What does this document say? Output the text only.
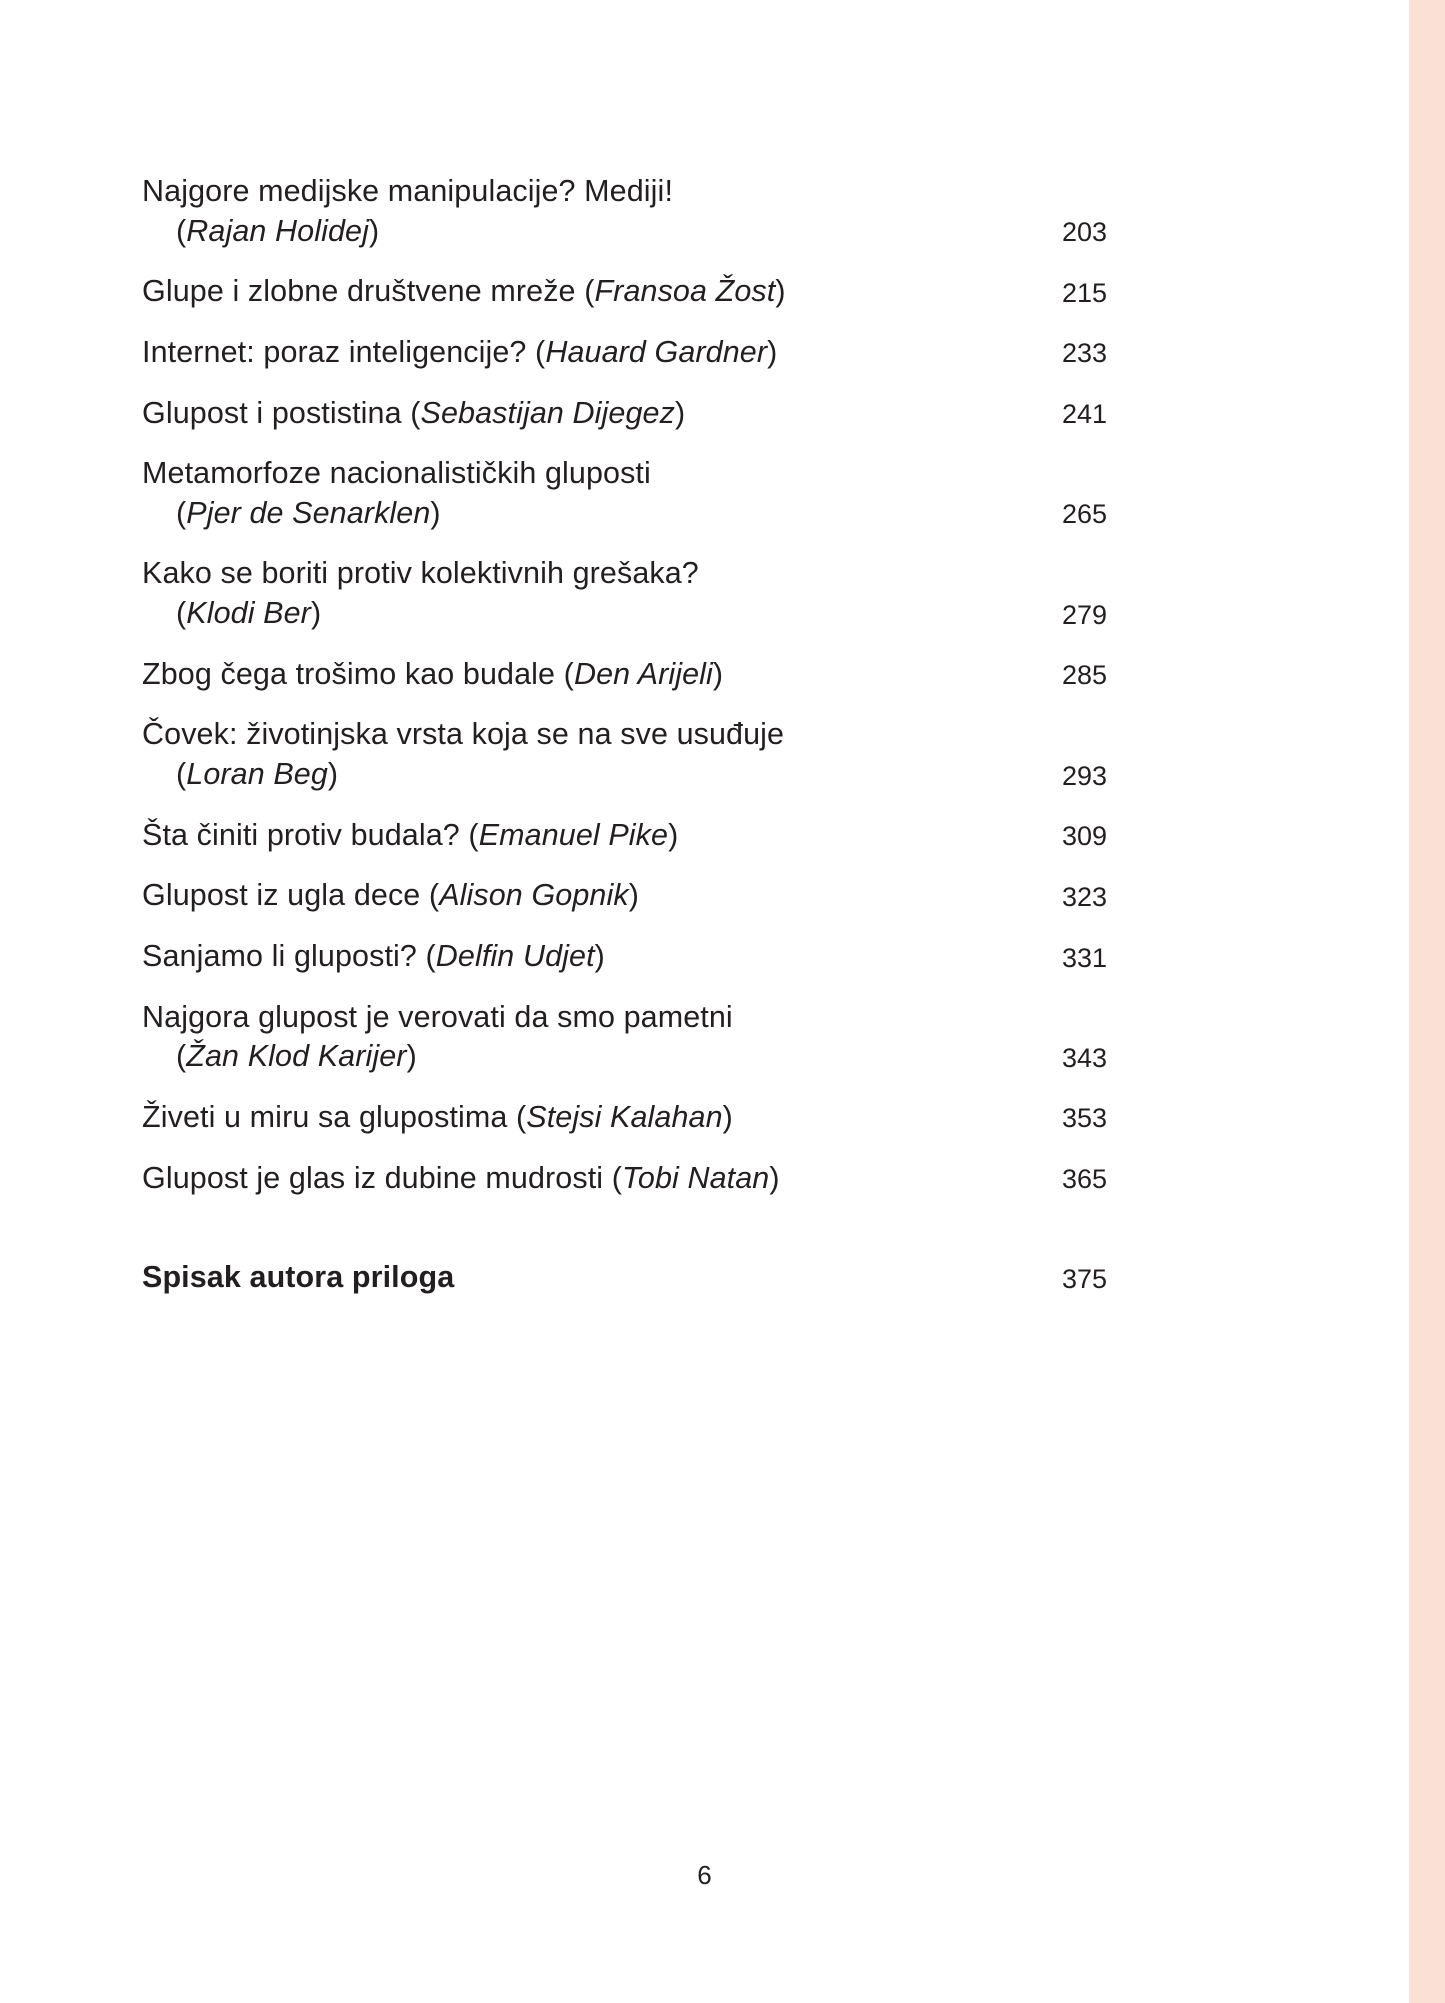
Najgore medijske manipulacije? Mediji!
(Rajan Holidej)	203
Glupe i zlobne društvene mreže (Fransoa Žost)	215
Internet: poraz inteligencije? (Hauard Gardner)	233
Glupost i postistina (Sebastijan Dijegez)	241
Metamorfoze nacionalističkih gluposti
(Pjer de Senarklen)	265
Kako se boriti protiv kolektivnih grešaka?
(Klodi Ber)	279
Zbog čega trošimo kao budale (Den Arijeli)	285
Čovek: životinjska vrsta koja se na sve usuđuje
(Loran Beg)	293
Šta činiti protiv budala? (Emanuel Pike)	309
Glupost iz ugla dece (Alison Gopnik)	323
Sanjamo li gluposti? (Delfin Udjet)	331
Najgora glupost je verovati da smo pametni
(Žan Klod Karijer)	343
Živeti u miru sa glupostima (Stejsi Kalahan)	353
Glupost je glas iz dubine mudrosti (Tobi Natan)	365
Spisak autora priloga	375
6
